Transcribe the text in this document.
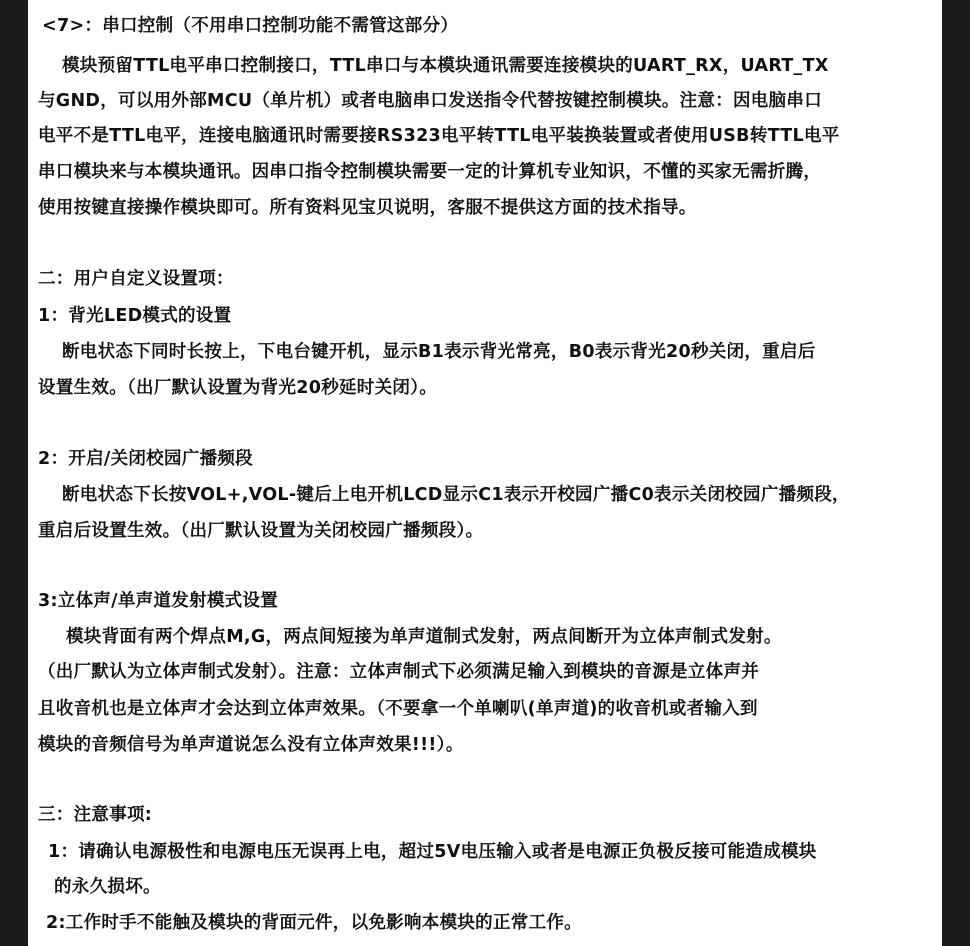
<7>：串口控制（不用串口控制功能不需管这部分）
模块预留TTL电平串口控制接口，TTL串口与本模块通讯需要连接模块的UART_RX，UART_TX
与GND，可以用外部MCU（单片机）或者电脑串口发送指令代替按键控制模块。注意：因电脑串口
电平不是TTL电平，连接电脑通讯时需要接RS323电平转TTL电平装换装置或者使用USB转TTL电平
串口模块来与本模块通讯。因串口指令控制模块需要一定的计算机专业知识，不懂的买家无需折腾，
使用按键直接操作模块即可。所有资料见宝贝说明，客服不提供这方面的技术指导。
二：用户自定义设置项：
1：背光LED模式的设置
断电状态下同时长按上，下电台键开机，显示B1表示背光常亮，B0表示背光20秒关闭，重启后
设置生效。（出厂默认设置为背光20秒延时关闭）。
2：开启/关闭校园广播频段
断电状态下长按VOL+,VOL-键后上电开机LCD显示C1表示开校园广播C0表示关闭校园广播频段，
重启后设置生效。（出厂默认设置为关闭校园广播频段）。
3:立体声/单声道发射模式设置
模块背面有两个焊点M,G，两点间短接为单声道制式发射，两点间断开为立体声制式发射。
（出厂默认为立体声制式发射）。注意：立体声制式下必须满足输入到模块的音源是立体声并
且收音机也是立体声才会达到立体声效果。（不要拿一个单喇叭(单声道)的收音机或者输入到
模块的音频信号为单声道说怎么没有立体声效果!!!）。
三：注意事项:
1：请确认电源极性和电源电压无误再上电，超过5V电压输入或者是电源正负极反接可能造成模块
的永久损坏。
2:工作时手不能触及模块的背面元件，以免影响本模块的正常工作。
